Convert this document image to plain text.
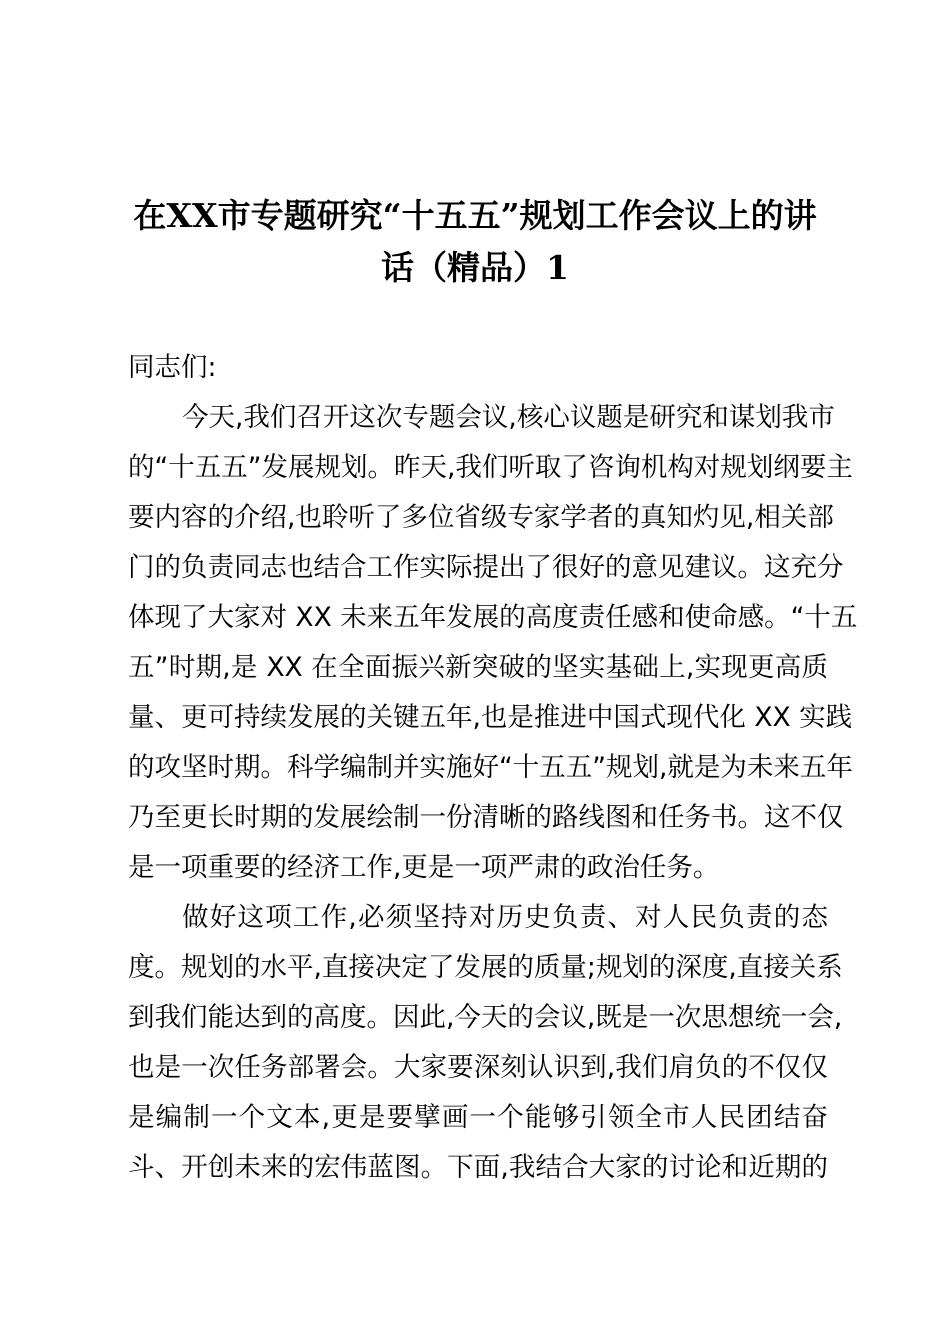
在XX市专题研究“十五五”规划工作会议上的讲
话（精品）1
同志们:
今天,我们召开这次专题会议,核心议题是研究和谋划我市
的“十五五”发展规划。昨天,我们听取了咨询机构对规划纲要主
要内容的介绍,也聆听了多位省级专家学者的真知灼见,相关部
门的负责同志也结合工作实际提出了很好的意见建议。这充分
体现了大家对 XX 未来五年发展的高度责任感和使命感。“十五
五”时期,是 XX 在全面振兴新突破的坚实基础上,实现更高质
量、更可持续发展的关键五年,也是推进中国式现代化 XX 实践
的攻坚时期。科学编制并实施好“十五五”规划,就是为未来五年
乃至更长时期的发展绘制一份清晰的路线图和任务书。这不仅
是一项重要的经济工作,更是一项严肃的政治任务。
做好这项工作,必须坚持对历史负责、对人民负责的态
度。规划的水平,直接决定了发展的质量;规划的深度,直接关系
到我们能达到的高度。因此,今天的会议,既是一次思想统一会,
也是一次任务部署会。大家要深刻认识到,我们肩负的不仅仅
是编制一个文本,更是要擘画一个能够引领全市人民团结奋
斗、开创未来的宏伟蓝图。下面,我结合大家的讨论和近期的
